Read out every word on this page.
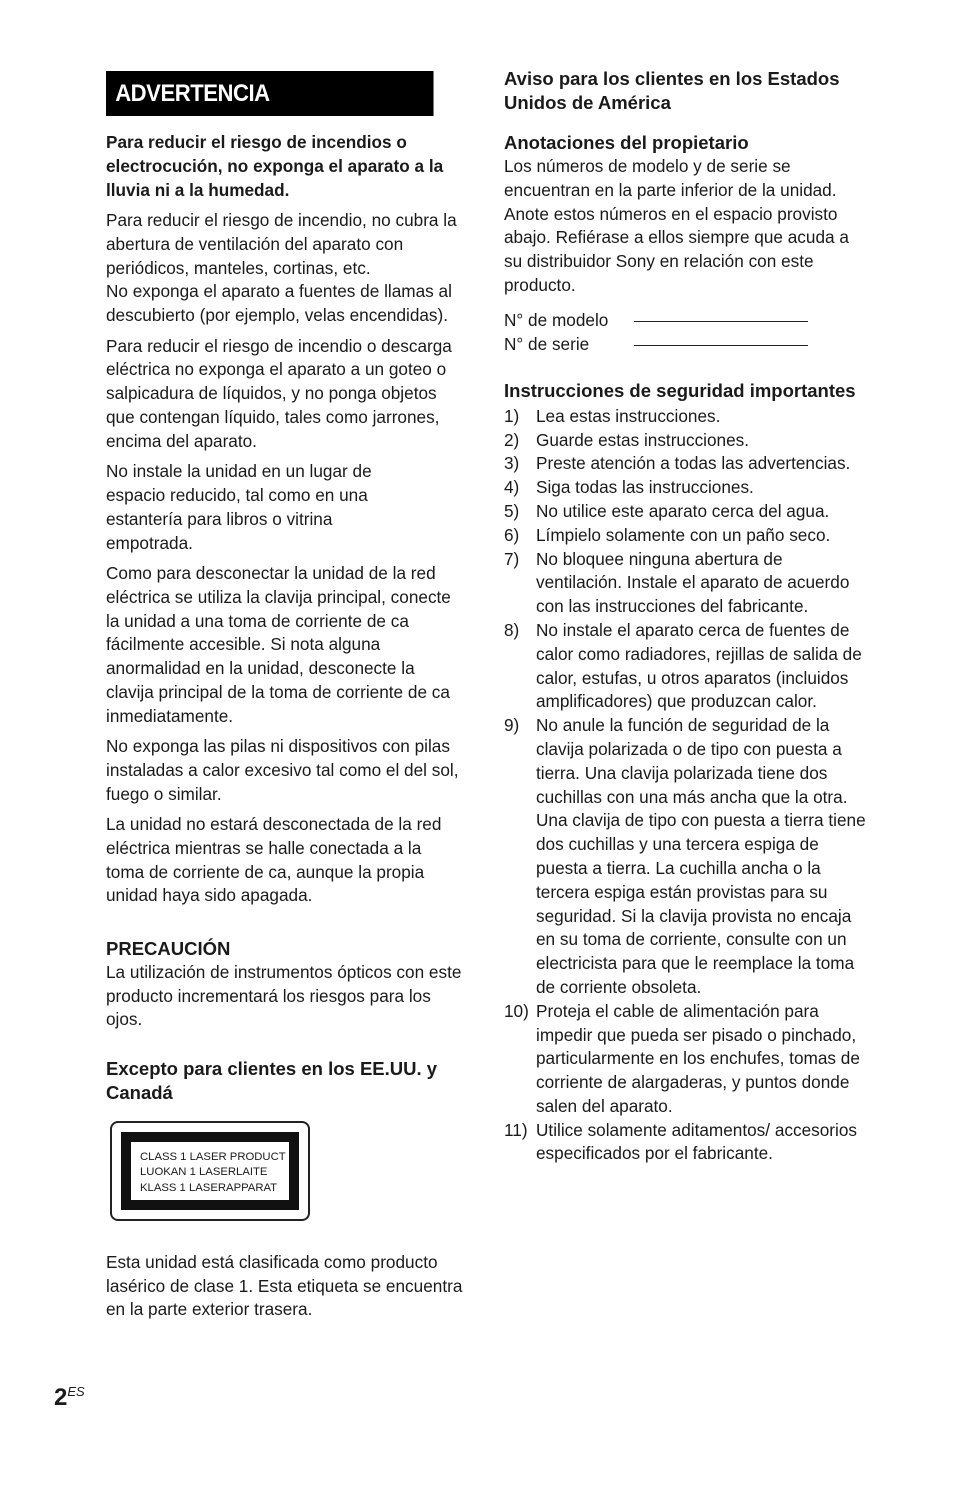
ADVERTENCIA

Para reducir el riesgo de incendios o electrocución, no exponga el aparato a la lluvia ni a la humedad.

Para reducir el riesgo de incendio, no cubra la abertura de ventilación del aparato con periódicos, manteles, cortinas, etc.

No exponga el aparato a fuentes de llamas al descubierto (por ejemplo, velas encendidas).

Para reducir el riesgo de incendio o descarga eléctrica no exponga el aparato a un goteo o salpicadura de líquidos, y no ponga objetos que contengan líquido, tales como jarrones, encima del aparato.

No instale la unidad en un lugar de espacio reducido, tal como en una estantería para libros o vitrina empotrada.

Como para desconectar la unidad de la red eléctrica se utiliza la clavija principal, conecte la unidad a una toma de corriente de ca fácilmente accesible. Si nota alguna anormalidad en la unidad, desconecte la clavija principal de la toma de corriente de ca inmediatamente.

No exponga las pilas ni dispositivos con pilas instaladas a calor excesivo tal como el del sol, fuego o similar.

La unidad no estará desconectada de la red eléctrica mientras se halle conectada a la toma de corriente de ca, aunque la propia unidad haya sido apagada.

PRECAUCIÓN

La utilización de instrumentos ópticos con este producto incrementará los riesgos para los ojos.

Excepto para clientes en los EE.UU. y Canadá
CLASS 1 LASER PRODUCT
LUOKAN 1 LASERLAITE
KLASS 1 LASERAPPARAT

Esta unidad está clasificada como producto lasérico de clase 1. Esta etiqueta se encuentra en la parte exterior trasera.

Aviso para los clientes en los Estados Unidos de América
Anotaciones del propietario

Los números de modelo y de serie se encuentran en la parte inferior de la unidad. Anote estos números en el espacio provisto abajo. Refiérase a ellos siempre que acuda a su distribuidor Sony en relación con este producto.

N° de modelo
N° de serie
Instrucciones de seguridad importantes
1) Lea estas instrucciones.
2) Guarde estas instrucciones.
3) Preste atención a todas las advertencias.
4) Siga todas las instrucciones.
5) No utilice este aparato cerca del agua.
6) Límpielo solamente con un paño seco.
7) No bloquee ninguna abertura de ventilación. Instale el aparato de acuerdo con las instrucciones del fabricante.
8) No instale el aparato cerca de fuentes de calor como radiadores, rejillas de salida de calor, estufas, u otros aparatos (incluidos amplificadores) que produzcan calor.
9) No anule la función de seguridad de la clavija polarizada o de tipo con puesta a tierra. Una clavija polarizada tiene dos cuchillas con una más ancha que la otra. Una clavija de tipo con puesta a tierra tiene dos cuchillas y una tercera espiga de puesta a tierra. La cuchilla ancha o la tercera espiga están provistas para su seguridad. Si la clavija provista no encaja en su toma de corriente, consulte con un electricista para que le reemplace la toma de corriente obsoleta.
10) Proteja el cable de alimentación para impedir que pueda ser pisado o pinchado, particularmente en los enchufes, tomas de corriente de alargaderas, y puntos donde salen del aparato.
11) Utilice solamente aditamentos/ accesorios especificados por el fabricante.
$2^{ES}$
